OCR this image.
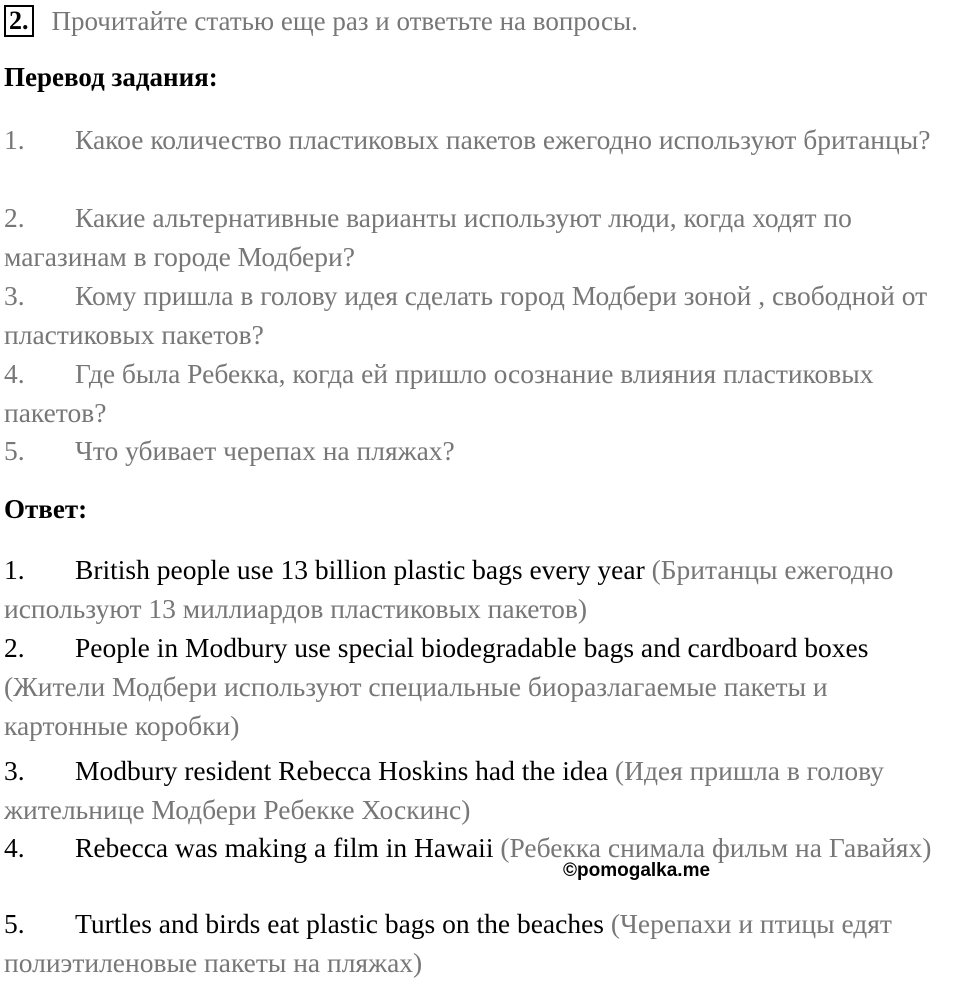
2. Прочитайте статью еще раз и ответьте на вопросы.
Перевод задания:
1. Какое количество пластиковых пакетов ежегодно используют британцы?
2. Какие альтернативные варианты используют люди, когда ходят по магазинам в городе Модбери?
3. Кому пришла в голову идея сделать город Модбери зоной , свободной от пластиковых пакетов?
4. Где была Ребекка, когда ей пришло осознание влияния пластиковых пакетов?
5. Что убивает черепах на пляжах?
Ответ:
1. British people use 13 billion plastic bags every year (Британцы ежегодно используют 13 миллиардов пластиковых пакетов)
2. People in Modbury use special biodegradable bags and cardboard boxes (Жители Модбери используют специальные биоразлагаемые пакеты и картонные коробки)
3. Modbury resident Rebecca Hoskins had the idea (Идея пришла в голову жительнице Модбери Ребекке Хоскинс)
4. Rebecca was making a film in Hawaii (Ребекка снимала фильм на Гавайях)
5. Turtles and birds eat plastic bags on the beaches (Черепахи и птицы едят полиэтиленовые пакеты на пляжах)
©pomogalka.me
